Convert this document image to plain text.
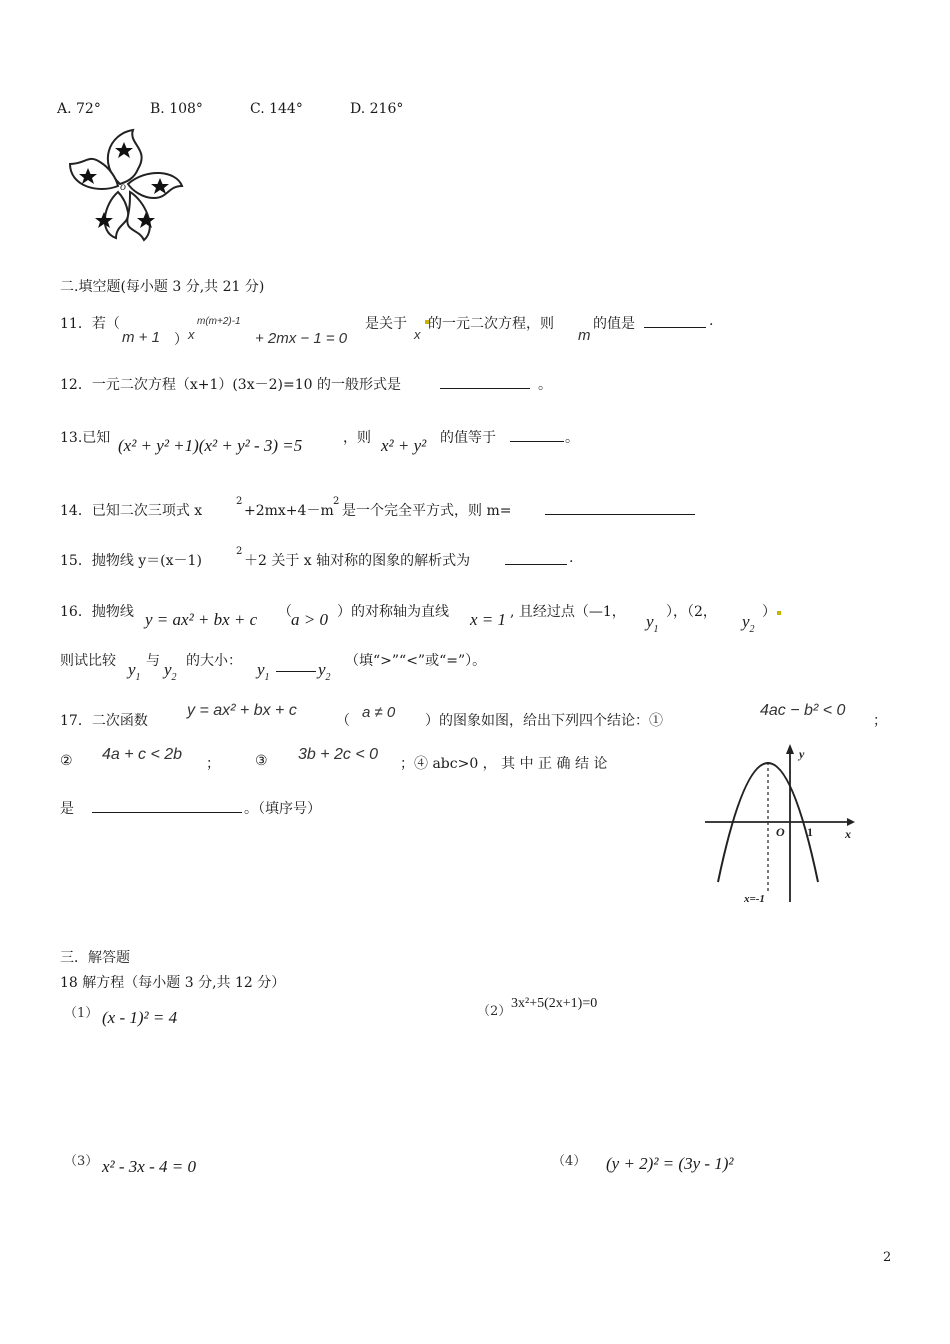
A. 72°	B. 108°	C. 144°	D. 216°
o
二.填空题(每小题 3 分,共 21 分)
11．若（
m + 1 ） x
m(m+2)-1
+ 2mx − 1 = 0
是关于
x
的一元二次方程，则
m
的值是	.
12．一元二次方程（x+1）(3x－2)=10 的一般形式是	。
13.已知 (x² + y² +1)(x² + y² - 3) =5	，则 x² + y² 的值等于	。
14．已知二次三项式 x
2
+2mx+4－m
2
是一个完全平方式，则 m=
15．抛物线 y＝(x－1)
2
＋2 关于 x 轴对称的图象的解析式为	.
16．抛物线 y = ax² + bx + c （ a > 0 ）的对称轴为直线 x = 1 , 且经过点（—1， $y_1$
），（2， $y_2$
）
则试比较 $y_1$
与 $y_2$
的大小： $y_1$	$y_2$
（填“>”“<”或“=”）。
17．二次函数
y = ax² + bx + c
（ a ≠ 0 ）的图象如图，给出下列四个结论：①
4ac − b² < 0
；
② 4a + c < 2b
；	③ 3b + 2c < 0
；④ abc>0 ， 其 中 正 确 结 论
是	。（填序号）
y
x
O 1
x=-1
三．解答题
18 解方程（每小题 3 分,共 12 分）
（1） (x - 1)² = 4	（2）
3x²+5(2x+1)=0
（3） x² - 3x - 4 = 0	（4） (y + 2)² = (3y - 1)²
2
